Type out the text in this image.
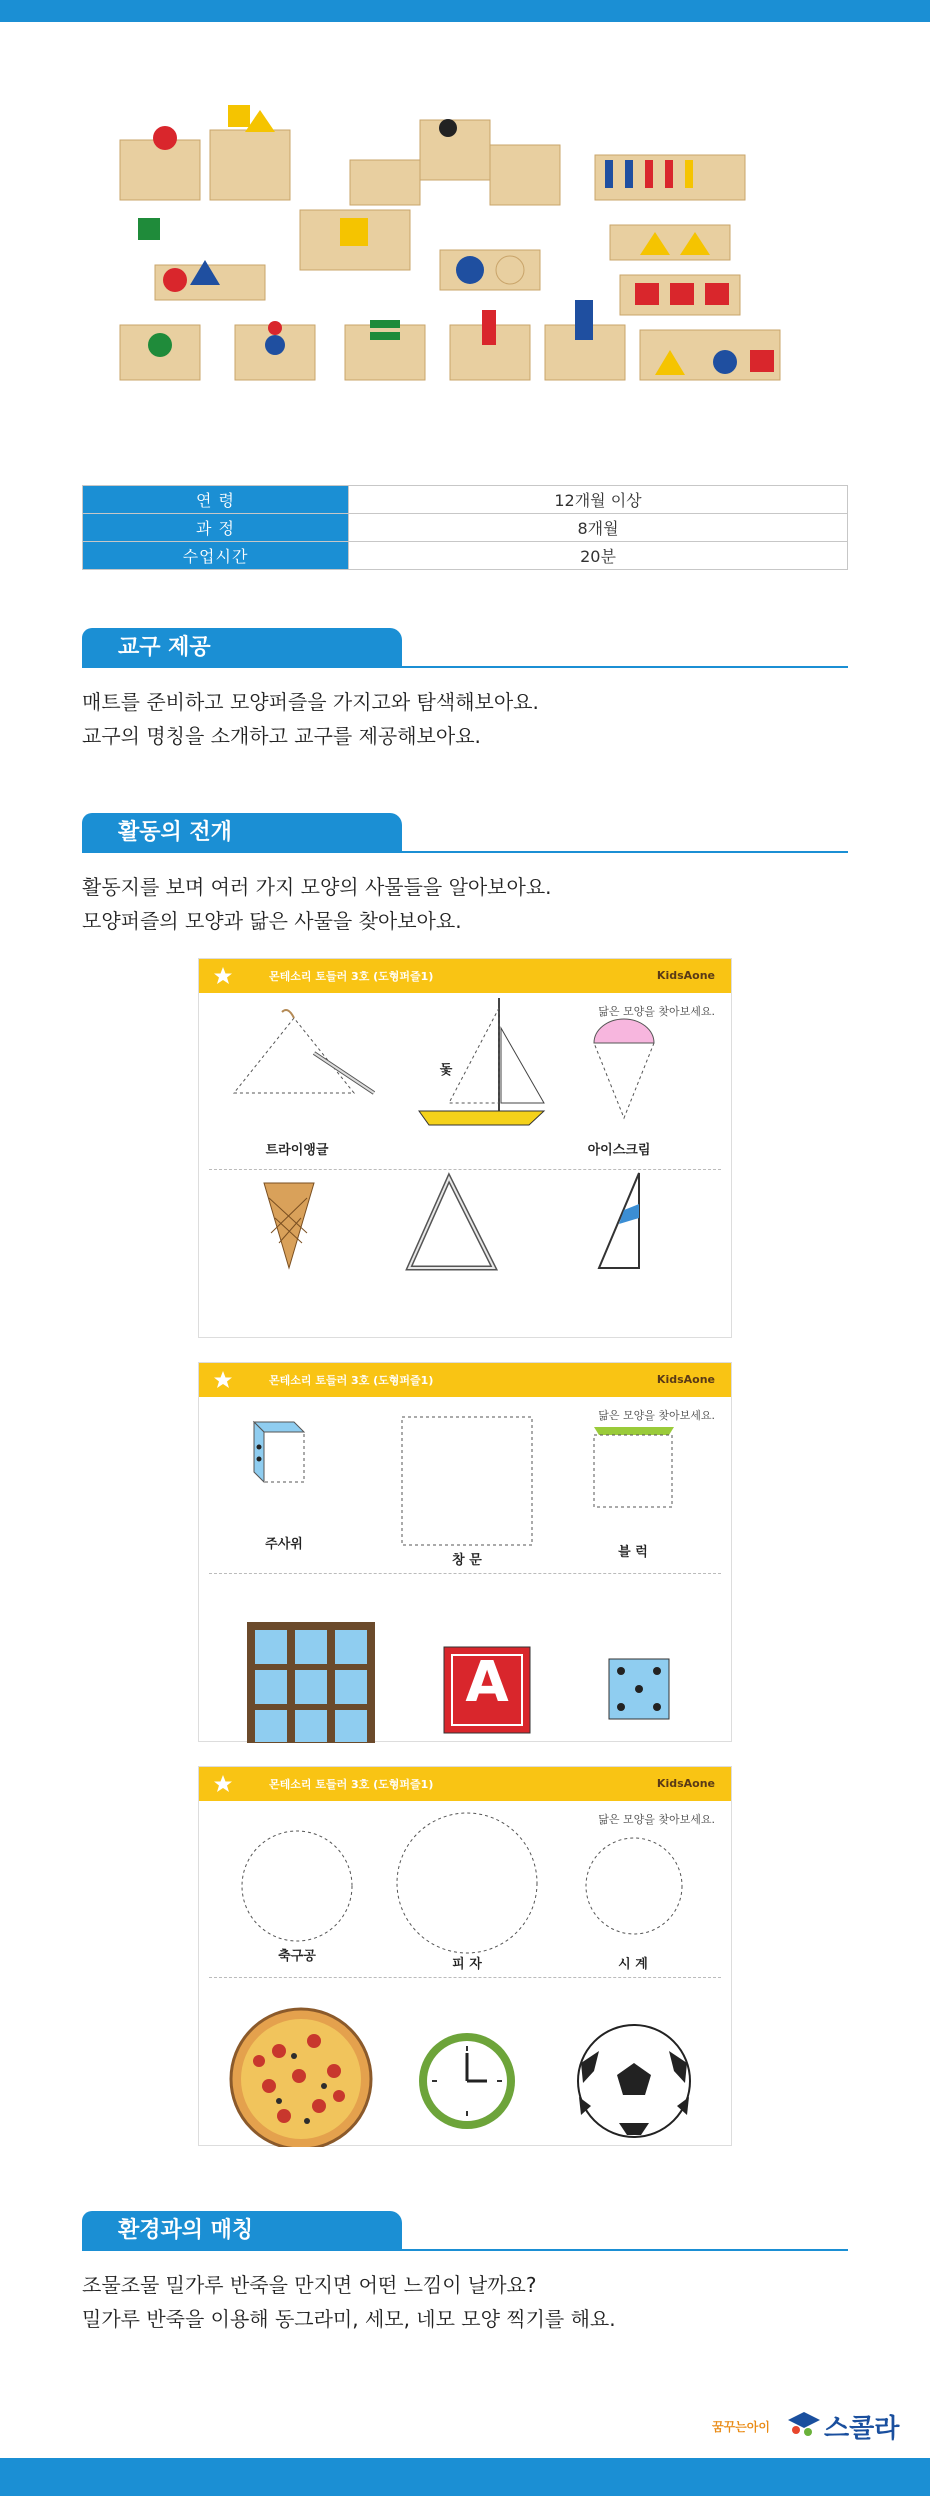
연 령	12개월 이상
과 정	8개월
수업시간	20분
교구 제공
매트를 준비하고 모양퍼즐을 가지고와 탐색해보아요.
교구의 명칭을 소개하고 교구를 제공해보아요.
활동의 전개
활동지를 보며 여러 가지 모양의 사물들을 알아보아요.
모양퍼즐의 모양과 닮은 사물을 찾아보아요.
몬테소리 토들러 3호 (도형퍼즐1)	KidsAone
닮은 모양을 찾아보세요.
트라이앵글
돛
아이스크림
몬테소리 토들러 3호 (도형퍼즐1)	KidsAone
닮은 모양을 찾아보세요.
A
주사위
창 문
블 럭
몬테소리 토들러 3호 (도형퍼즐1)	KidsAone
닮은 모양을 찾아보세요.
축구공
피 자	시 계
환경과의 매칭
조물조물 밀가루 반죽을 만지면 어떤 느낌이 날까요?
밀가루 반죽을 이용해 동그라미, 세모, 네모 모양 찍기를 해요.
꿈꾸는아이 스콜라
